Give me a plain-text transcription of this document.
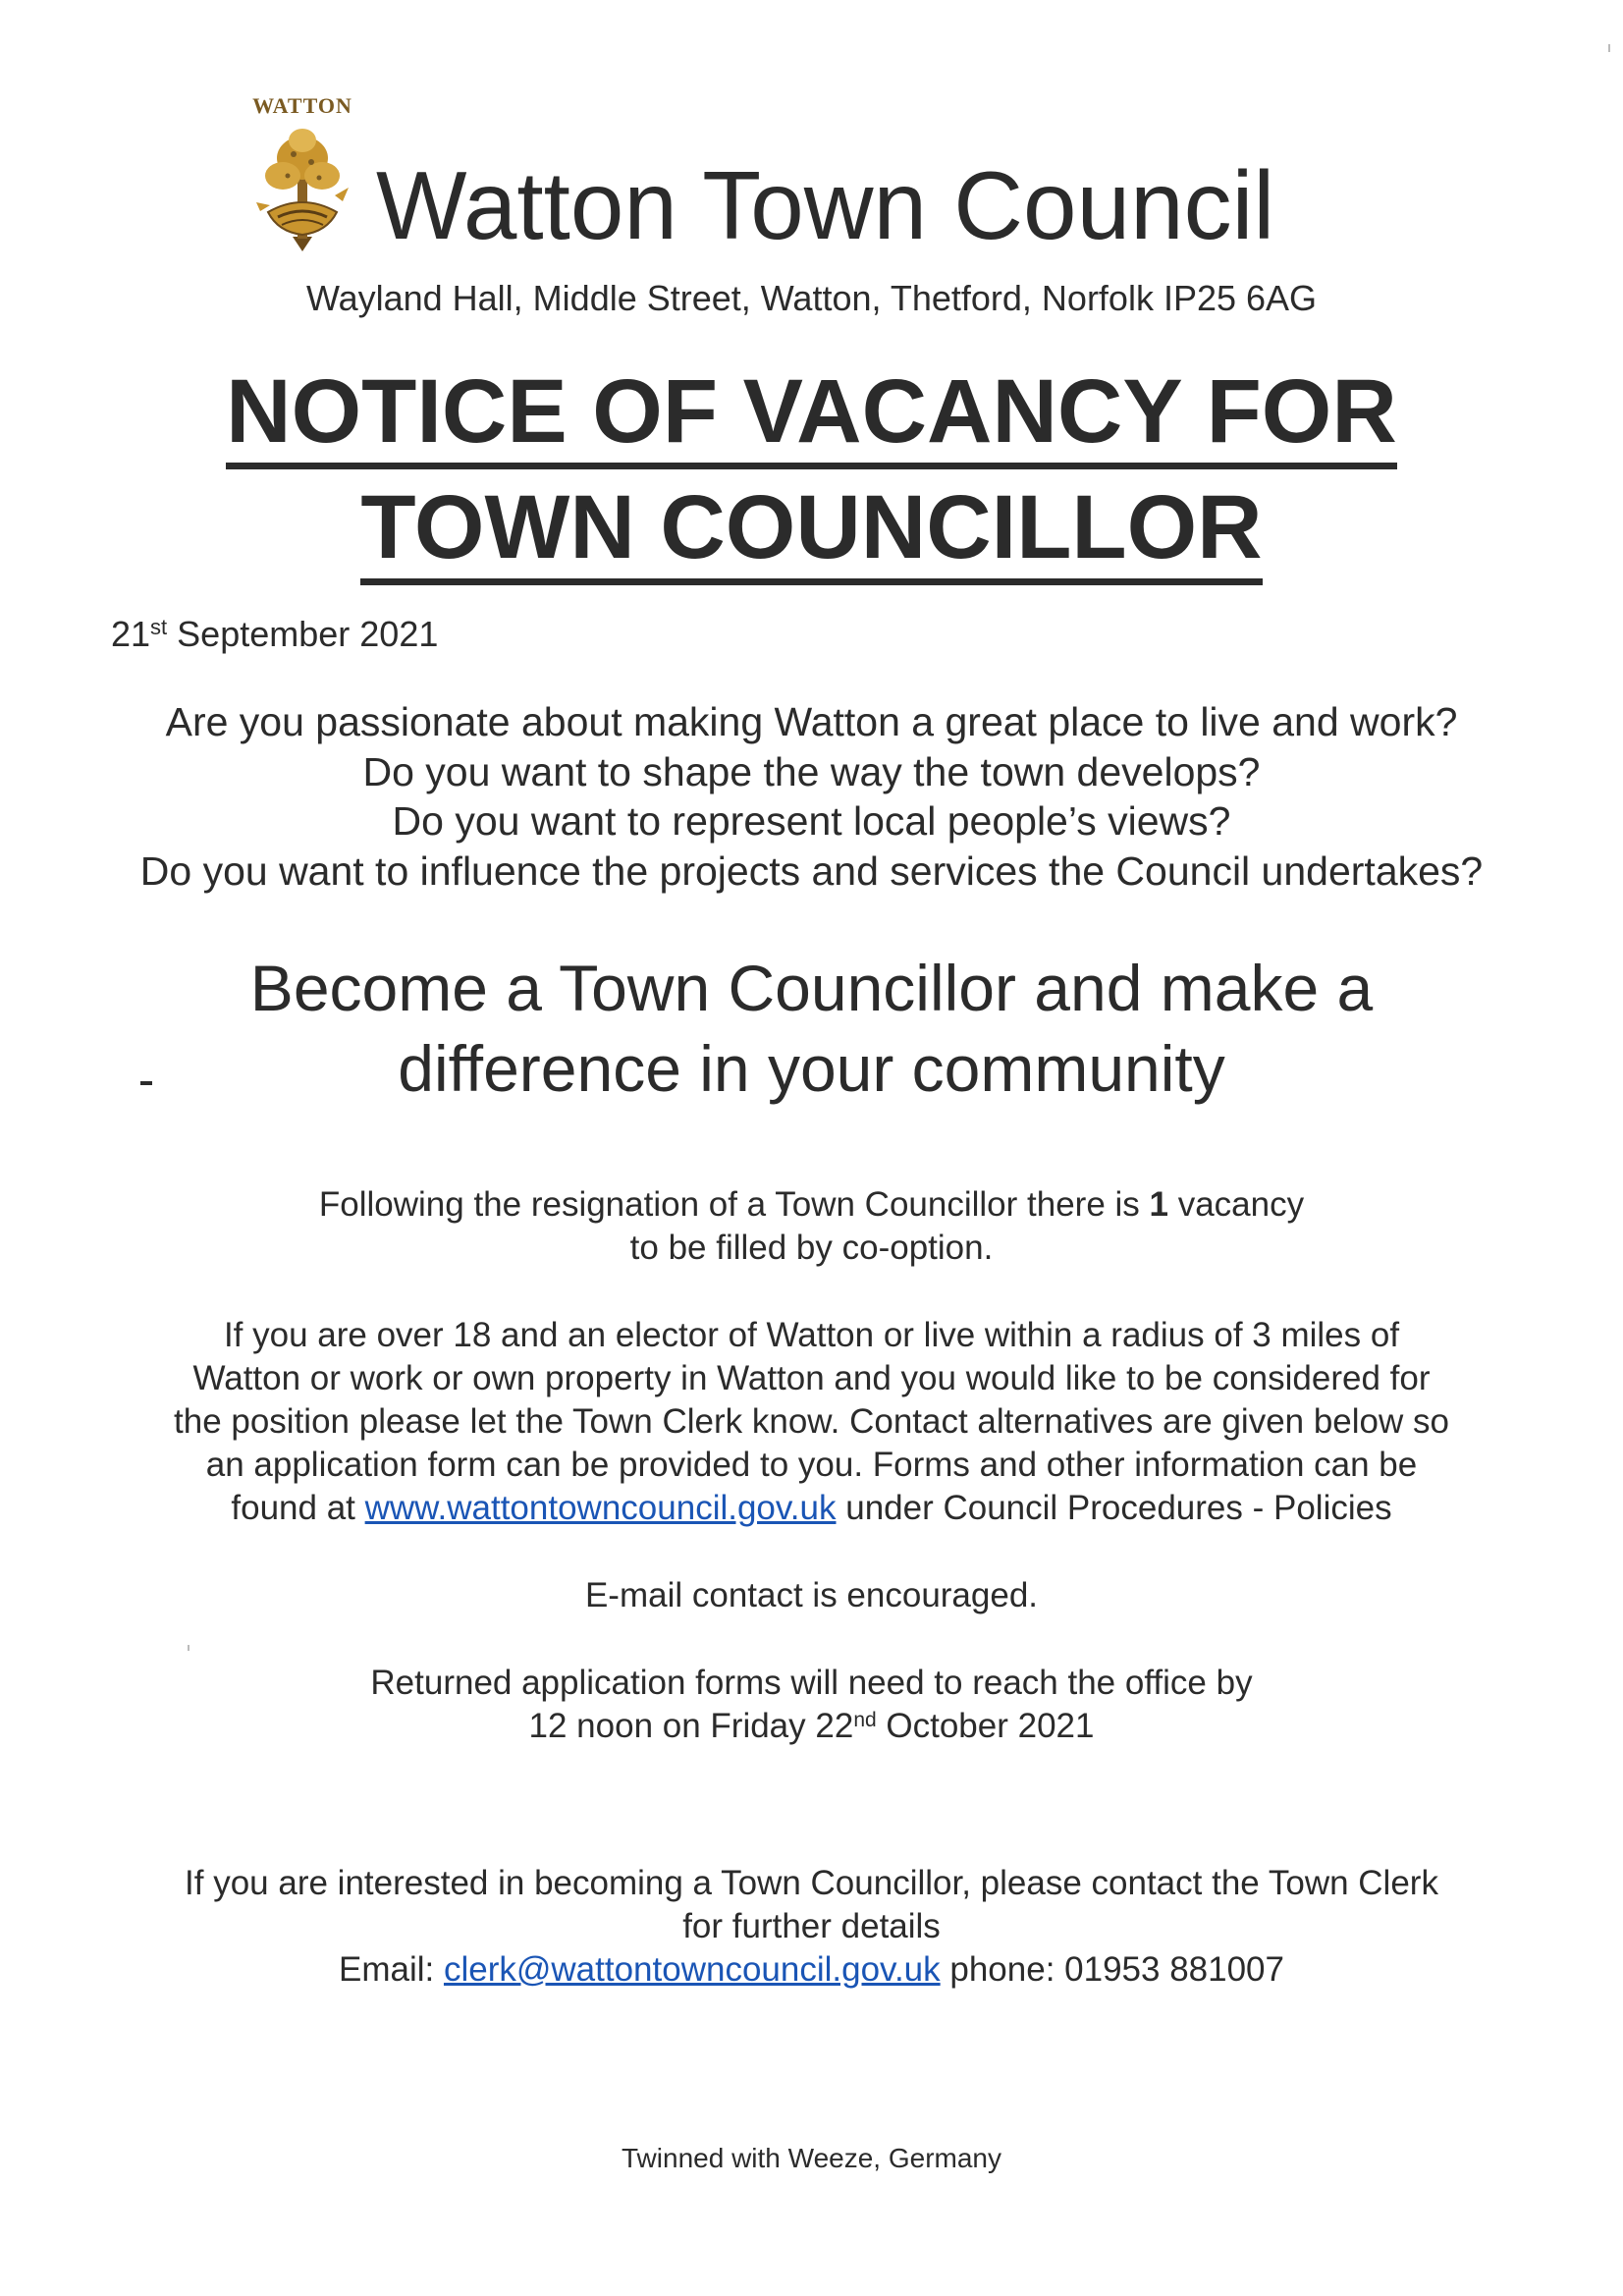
WATTON
Watton Town Council
Wayland Hall, Middle Street, Watton, Thetford, Norfolk IP25 6AG
NOTICE OF VACANCY FOR
TOWN COUNCILLOR
21st September 2021
Are you passionate about making Watton a great place to live and work?
Do you want to shape the way the town develops?
Do you want to represent local people’s views?
Do you want to influence the projects and services the Council undertakes?
Become a Town Councillor and make a
difference in your community
Following the resignation of a Town Councillor there is 1 vacancy
to be filled by co-option.
If you are over 18 and an elector of Watton or live within a radius of 3 miles of
Watton or work or own property in Watton and you would like to be considered for
the position please let the Town Clerk know. Contact alternatives are given below so
an application form can be provided to you. Forms and other information can be
found at www.wattontowncouncil.gov.uk under Council Procedures - Policies
E-mail contact is encouraged.
Returned application forms will need to reach the office by
12 noon on Friday 22nd October 2021
If you are interested in becoming a Town Councillor, please contact the Town Clerk
for further details
Email: clerk@wattontowncouncil.gov.uk phone: 01953 881007
Twinned with Weeze, Germany
